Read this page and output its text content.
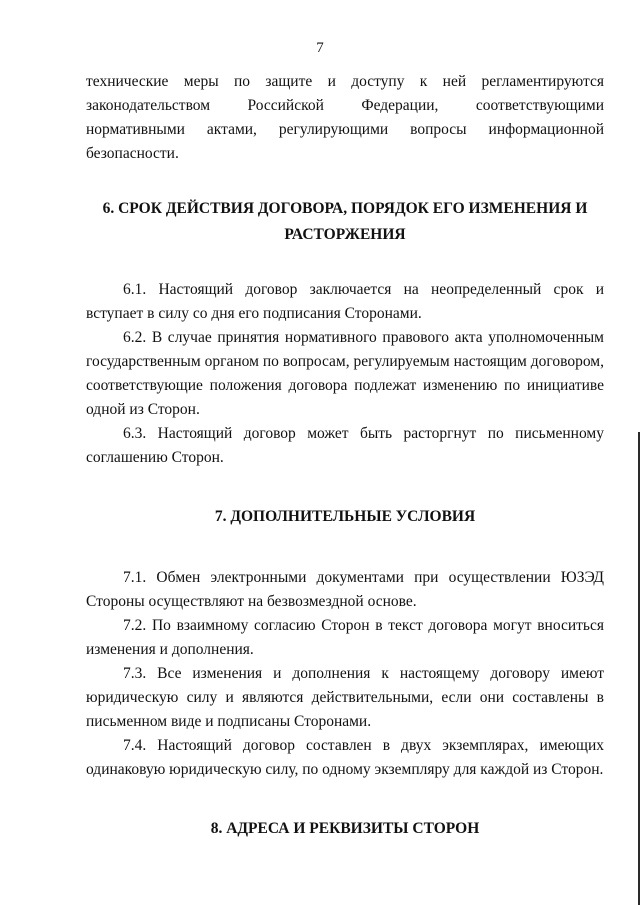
7

технические меры по защите и доступу к ней регламентируются законодательством Российской Федерации, соответствующими нормативными актами, регулирующими вопросы информационной безопасности.

6. СРОК ДЕЙСТВИЯ ДОГОВОРА, ПОРЯДОК ЕГО ИЗМЕНЕНИЯ И РАСТОРЖЕНИЯ

6.1. Настоящий договор заключается на неопределенный срок и вступает в силу со дня его подписания Сторонами.

6.2. В случае принятия нормативного правового акта уполномоченным государственным органом по вопросам, регулируемым настоящим договором, соответствующие положения договора подлежат изменению по инициативе одной из Сторон.

6.3. Настоящий договор может быть расторгнут по письменному соглашению Сторон.

7. ДОПОЛНИТЕЛЬНЫЕ УСЛОВИЯ

7.1. Обмен электронными документами при осуществлении ЮЗЭД Стороны осуществляют на безвозмездной основе.

7.2. По взаимному согласию Сторон в текст договора могут вноситься изменения и дополнения.

7.3. Все изменения и дополнения к настоящему договору имеют юридическую силу и являются действительными, если они составлены в письменном виде и подписаны Сторонами.

7.4. Настоящий договор составлен в двух экземплярах, имеющих одинаковую юридическую силу, по одному экземпляру для каждой из Сторон.

8. АДРЕСА И РЕКВИЗИТЫ СТОРОН
